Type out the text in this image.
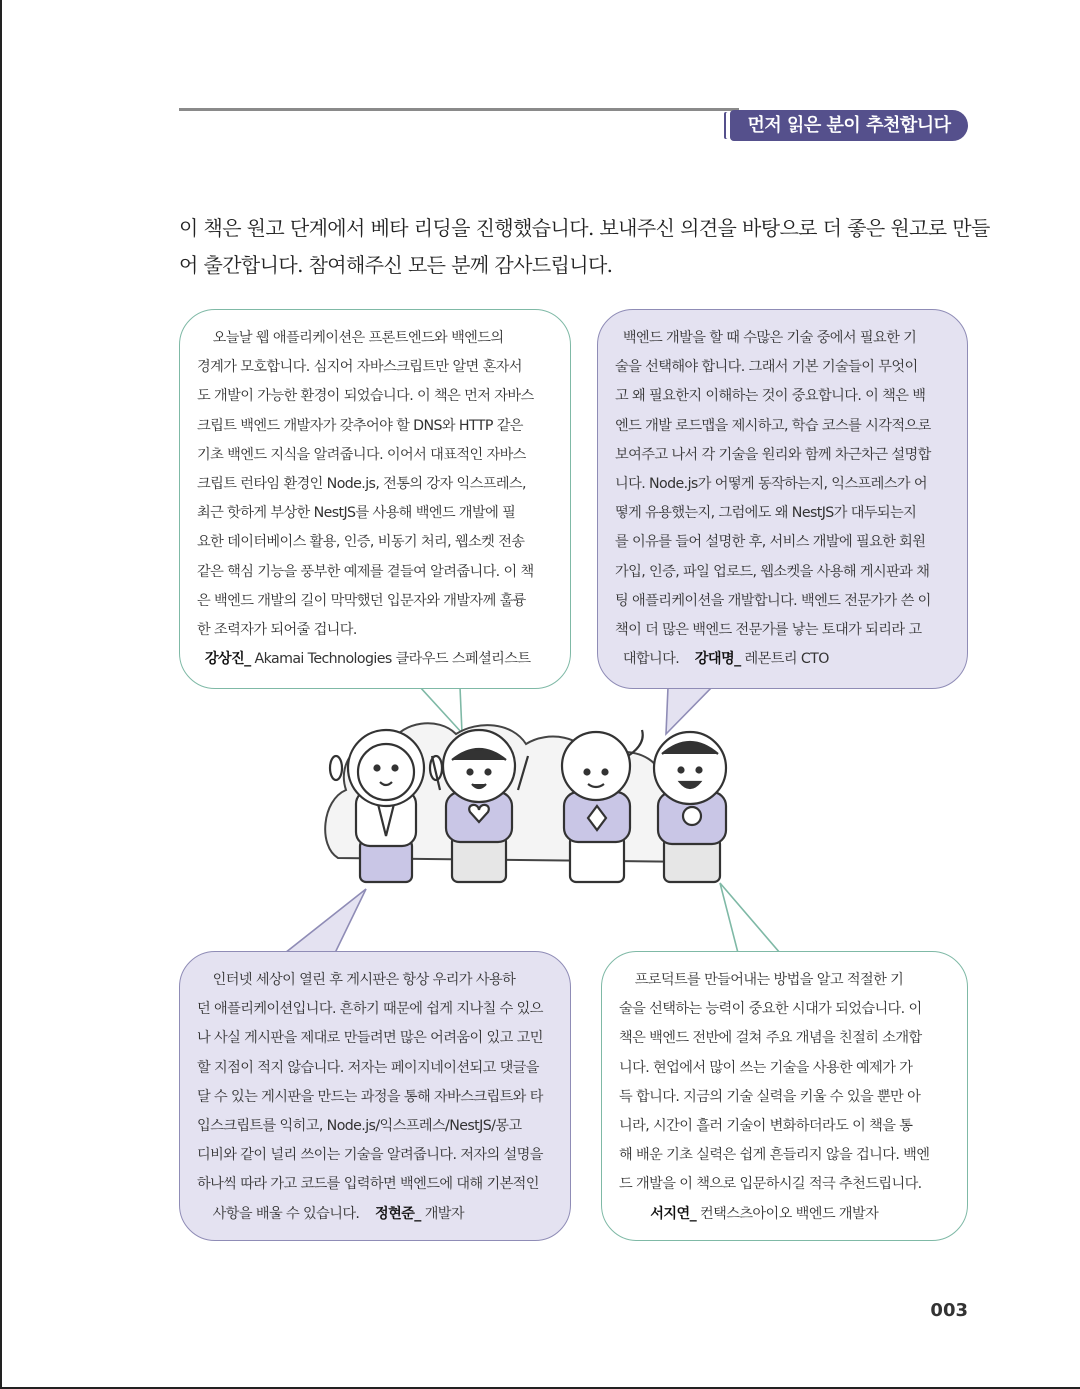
먼저 읽은 분이 추천합니다
이 책은 원고 단계에서 베타 리딩을 진행했습니다. 보내주신 의견을 바탕으로 더 좋은 원고로 만들
어 출간합니다. 참여해주신 모든 분께 감사드립니다.
오늘날 웹 애플리케이션은 프론트엔드와 백엔드의
경계가 모호합니다. 심지어 자바스크립트만 알면 혼자서
도 개발이 가능한 환경이 되었습니다. 이 책은 먼저 자바스
크립트 백엔드 개발자가 갖추어야 할 DNS와 HTTP 같은
기초 백엔드 지식을 알려줍니다. 이어서 대표적인 자바스
크립트 런타임 환경인 Node.js, 전통의 강자 익스프레스,
최근 핫하게 부상한 NestJS를 사용해 백엔드 개발에 필
요한 데이터베이스 활용, 인증, 비동기 처리, 웹소켓 전송
같은 핵심 기능을 풍부한 예제를 곁들여 알려줍니다. 이 책
은 백엔드 개발의 길이 막막했던 입문자와 개발자께 훌륭
한 조력자가 되어줄 겁니다.
강상진_ Akamai Technologies 클라우드 스페셜리스트
백엔드 개발을 할 때 수많은 기술 중에서 필요한 기
술을 선택해야 합니다. 그래서 기본 기술들이 무엇이
고 왜 필요한지 이해하는 것이 중요합니다. 이 책은 백
엔드 개발 로드맵을 제시하고, 학습 코스를 시각적으로
보여주고 나서 각 기술을 원리와 함께 차근차근 설명합
니다. Node.js가 어떻게 동작하는지, 익스프레스가 어
떻게 유용했는지, 그럼에도 왜 NestJS가 대두되는지
를 이유를 들어 설명한 후, 서비스 개발에 필요한 회원
가입, 인증, 파일 업로드, 웹소켓을 사용해 게시판과 채
팅 애플리케이션을 개발합니다. 백엔드 전문가가 쓴 이
책이 더 많은 백엔드 전문가를 낳는 토대가 되리라 고
대합니다.    강대명_ 레몬트리 CTO
인터넷 세상이 열린 후 게시판은 항상 우리가 사용하
던 애플리케이션입니다. 흔하기 때문에 쉽게 지나칠 수 있으
나 사실 게시판을 제대로 만들려면 많은 어려움이 있고 고민
할 지점이 적지 않습니다. 저자는 페이지네이션되고 댓글을
달 수 있는 게시판을 만드는 과정을 통해 자바스크립트와 타
입스크립트를 익히고, Node.js/익스프레스/NestJS/몽고
디비와 같이 널리 쓰이는 기술을 알려줍니다. 저자의 설명을
하나씩 따라 가고 코드를 입력하면 백엔드에 대해 기본적인
사항을 배울 수 있습니다.    정현준_ 개발자
프로덕트를 만들어내는 방법을 알고 적절한 기
술을 선택하는 능력이 중요한 시대가 되었습니다. 이
책은 백엔드 전반에 걸쳐 주요 개념을 친절히 소개합
니다. 현업에서 많이 쓰는 기술을 사용한 예제가 가
득 합니다. 지금의 기술 실력을 키울 수 있을 뿐만 아
니라, 시간이 흘러 기술이 변화하더라도 이 책을 통
해 배운 기초 실력은 쉽게 흔들리지 않을 겁니다. 백엔
드 개발을 이 책으로 입문하시길 적극 추천드립니다.
서지연_ 컨택스츠아이오 백엔드 개발자
003
